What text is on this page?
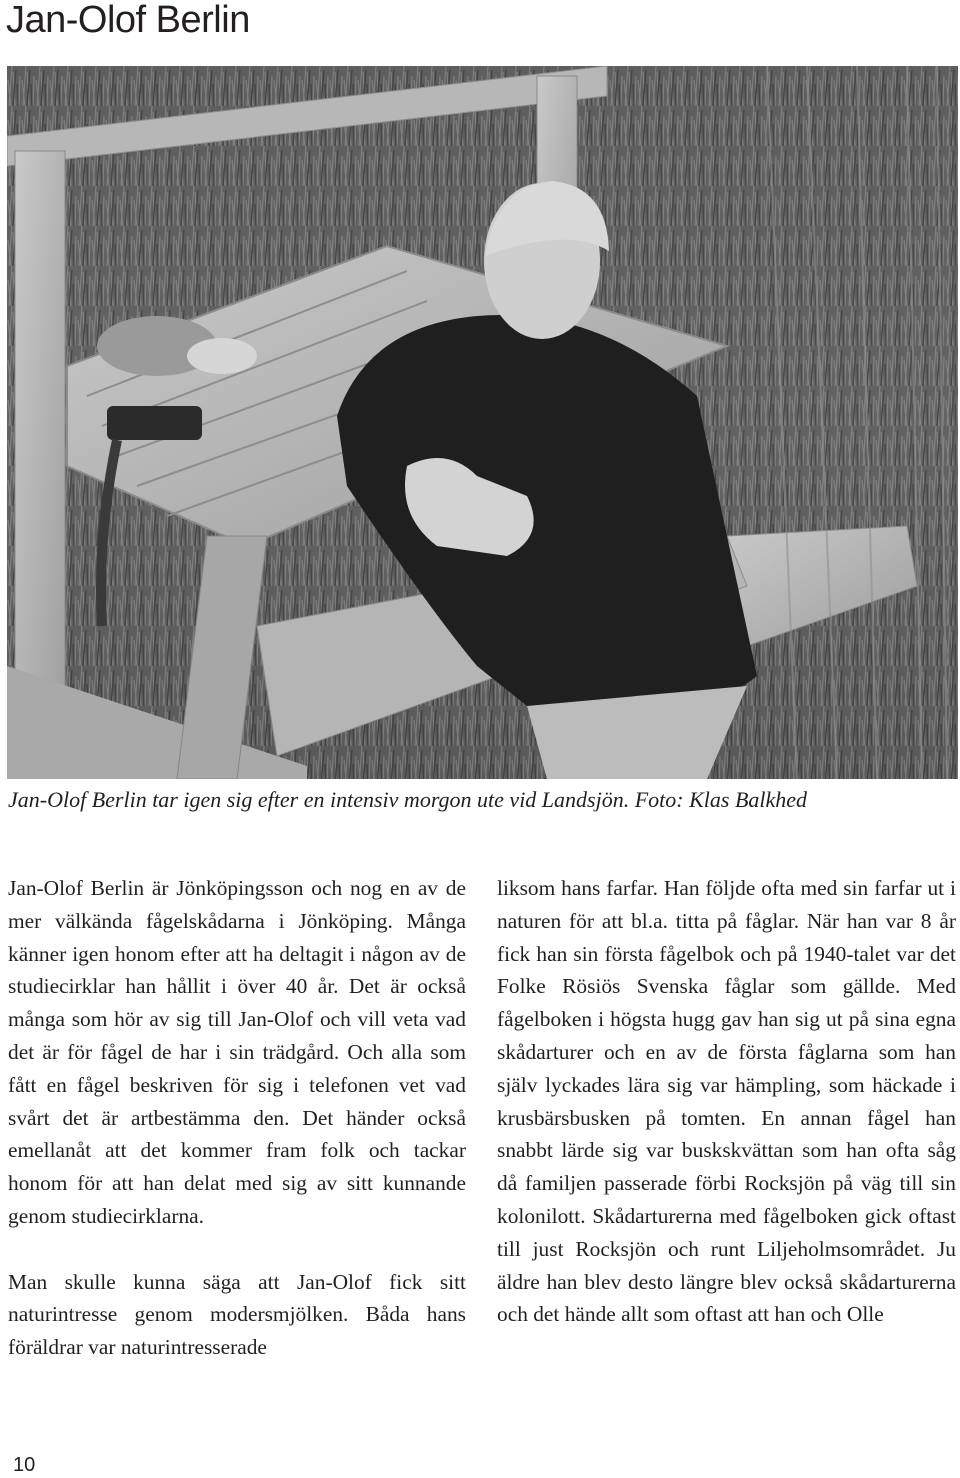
Jan-Olof Berlin

Jan-Olof Berlin tar igen sig efter en intensiv morgon ute vid Landsjön. Foto: Klas Balkhed

Jan-Olof Berlin är Jönköpingsson och nog en av de mer välkända fågelskådarna i Jönköping. Många känner igen honom efter att ha deltagit i någon av de studiecirklar han hållit i över 40 år. Det är också många som hör av sig till Jan-Olof och vill veta vad det är för fågel de har i sin trädgård. Och alla som fått en fågel beskriven för sig i telefonen vet vad svårt det är artbestämma den. Det händer också emellanåt att det kommer fram folk och tackar honom för att han delat med sig av sitt kunnande genom studiecirklarna.

Man skulle kunna säga att Jan-Olof fick sitt naturintresse genom modersmjölken. Båda hans föräldrar var naturintresserade

liksom hans farfar. Han följde ofta med sin farfar ut i naturen för att bl.a. titta på fåglar. När han var 8 år fick han sin första fågelbok och på 1940-talet var det Folke Rösiös Svenska fåglar som gällde. Med fågelboken i högsta hugg gav han sig ut på sina egna skådarturer och en av de första fåglarna som han själv lyckades lära sig var hämpling, som häckade i krusbärsbusken på tomten. En annan fågel han snabbt lärde sig var buskskvättan som han ofta såg då familjen passerade förbi Rocksjön på väg till sin kolonilott. Skådarturerna med fågelboken gick oftast till just Rocksjön och runt Liljeholmsområdet. Ju äldre han blev desto längre blev också skådarturerna och det hände allt som oftast att han och Olle

10
